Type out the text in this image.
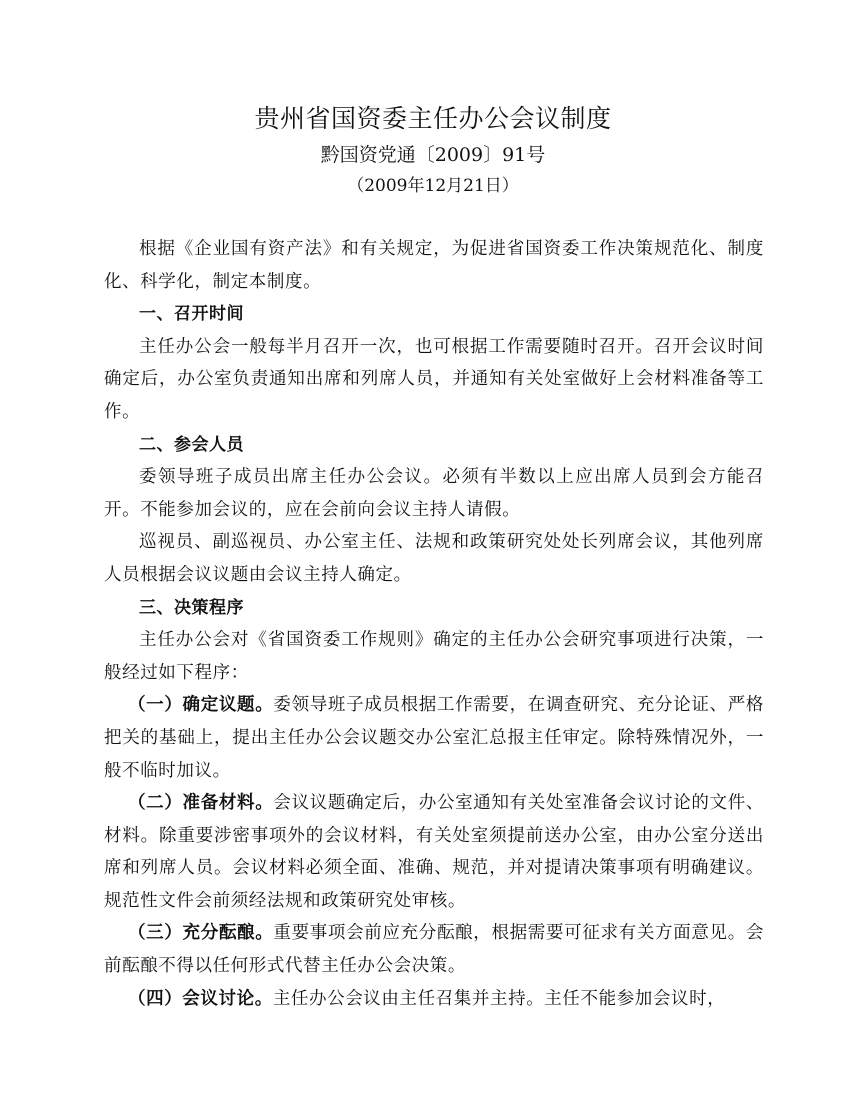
贵州省国资委主任办公会议制度
黔国资党通〔2009〕91号
（2009年12月21日）

根据《企业国有资产法》和有关规定，为促进省国资委工作决策规范化、制度化、科学化，制定本制度。

一、召开时间

主任办公会一般每半月召开一次，也可根据工作需要随时召开。召开会议时间确定后，办公室负责通知出席和列席人员，并通知有关处室做好上会材料准备等工作。

二、参会人员

委领导班子成员出席主任办公会议。必须有半数以上应出席人员到会方能召开。不能参加会议的，应在会前向会议主持人请假。

巡视员、副巡视员、办公室主任、法规和政策研究处处长列席会议，其他列席人员根据会议议题由会议主持人确定。

三、决策程序

主任办公会对《省国资委工作规则》确定的主任办公会研究事项进行决策，一般经过如下程序：

（一）确定议题。委领导班子成员根据工作需要，在调查研究、充分论证、严格把关的基础上，提出主任办公会议题交办公室汇总报主任审定。除特殊情况外，一般不临时加议。

（二）准备材料。会议议题确定后，办公室通知有关处室准备会议讨论的文件、材料。除重要涉密事项外的会议材料，有关处室须提前送办公室，由办公室分送出席和列席人员。会议材料必须全面、准确、规范，并对提请决策事项有明确建议。规范性文件会前须经法规和政策研究处审核。

（三）充分酝酿。重要事项会前应充分酝酿，根据需要可征求有关方面意见。会前酝酿不得以任何形式代替主任办公会决策。

（四）会议讨论。主任办公会议由主任召集并主持。主任不能参加会议时，
